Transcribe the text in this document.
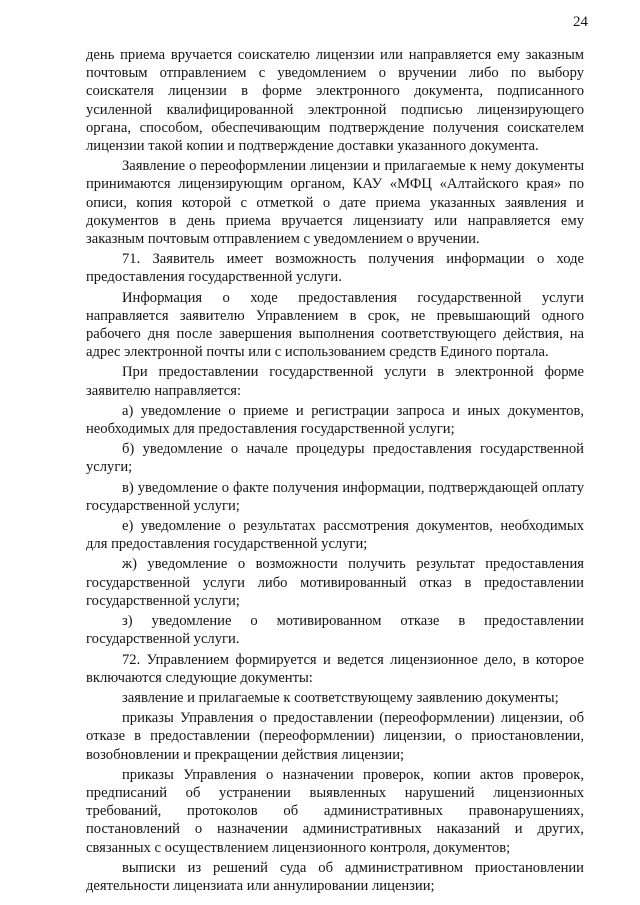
24

день приема вручается соискателю лицензии или направляется ему заказным почтовым отправлением с уведомлением о вручении либо по выбору соискателя лицензии в форме электронного документа, подписанного усиленной квалифицированной электронной подписью лицензирующего органа, способом, обеспечивающим подтверждение получения соискателем лицензии такой копии и подтверждение доставки указанного документа.

Заявление о переоформлении лицензии и прилагаемые к нему документы принимаются лицензирующим органом, КАУ «МФЦ «Алтайского края» по описи, копия которой с отметкой о дате приема указанных заявления и документов в день приема вручается лицензиату или направляется ему заказным почтовым отправлением с уведомлением о вручении.

71. Заявитель имеет возможность получения информации о ходе предоставления государственной услуги.

Информация о ходе предоставления государственной услуги направляется заявителю Управлением в срок, не превышающий одного рабочего дня после завершения выполнения соответствующего действия, на адрес электронной почты или с использованием средств Единого портала.

При предоставлении государственной услуги в электронной форме заявителю направляется:

а) уведомление о приеме и регистрации запроса и иных документов, необходимых для предоставления государственной услуги;

б) уведомление о начале процедуры предоставления государственной услуги;

в) уведомление о факте получения информации, подтверждающей оплату государственной услуги;

е) уведомление о результатах рассмотрения документов, необходимых для предоставления государственной услуги;

ж) уведомление о возможности получить результат предоставления государственной услуги либо мотивированный отказ в предоставлении государственной услуги;

з) уведомление о мотивированном отказе в предоставлении государственной услуги.

72. Управлением формируется и ведется лицензионное дело, в которое включаются следующие документы:

заявление и прилагаемые к соответствующему заявлению документы;

приказы Управления о предоставлении (переоформлении) лицензии, об отказе в предоставлении (переоформлении) лицензии, о приостановлении, возобновлении и прекращении действия лицензии;

приказы Управления о назначении проверок, копии актов проверок, предписаний об устранении выявленных нарушений лицензионных требований, протоколов об административных правонарушениях, постановлений о назначении административных наказаний и других, связанных с осуществлением лицензионного контроля, документов;

выписки из решений суда об административном приостановлении деятельности лицензиата или аннулировании лицензии;
